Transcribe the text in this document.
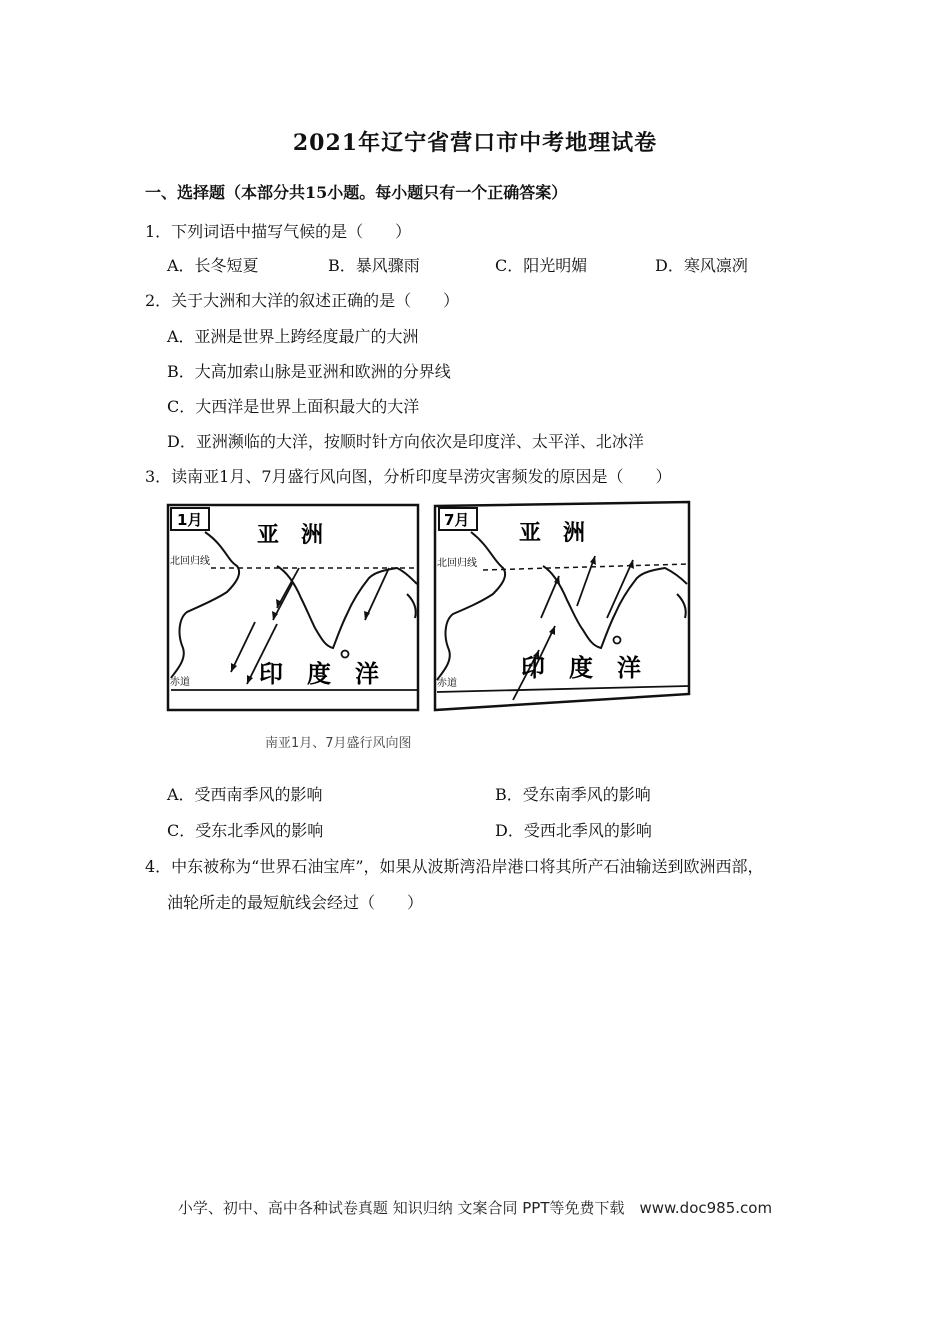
2021年辽宁省营口市中考地理试卷
一、选择题（本部分共15小题。每小题只有一个正确答案）
1．下列词语中描写气候的是（　　）
A．长冬短夏	B．暴风骤雨	C．阳光明媚	D．寒风凛冽
2．关于大洲和大洋的叙述正确的是（　　）
A．亚洲是世界上跨经度最广的大洲
B．大高加索山脉是亚洲和欧洲的分界线
C．大西洋是世界上面积最大的大洋
D．亚洲濒临的大洋，按顺时针方向依次是印度洋、太平洋、北冰洋
3．读南亚1月、7月盛行风向图，分析印度旱涝灾害频发的原因是（　　）
1月
亚　洲
北回归线
印　度　洋
赤道
7月
亚　洲
北回归线
印　度　洋
赤道
南亚1月、7月盛行风向图
A．受西南季风的影响	B．受东南季风的影响
C．受东北季风的影响	D．受西北季风的影响
4．中东被称为“世界石油宝库”，如果从波斯湾沿岸港口将其所产石油输送到欧洲西部，
油轮所走的最短航线会经过（　　）
小学、初中、高中各种试卷真题 知识归纳 文案合同 PPT等免费下载　www.doc985.com
